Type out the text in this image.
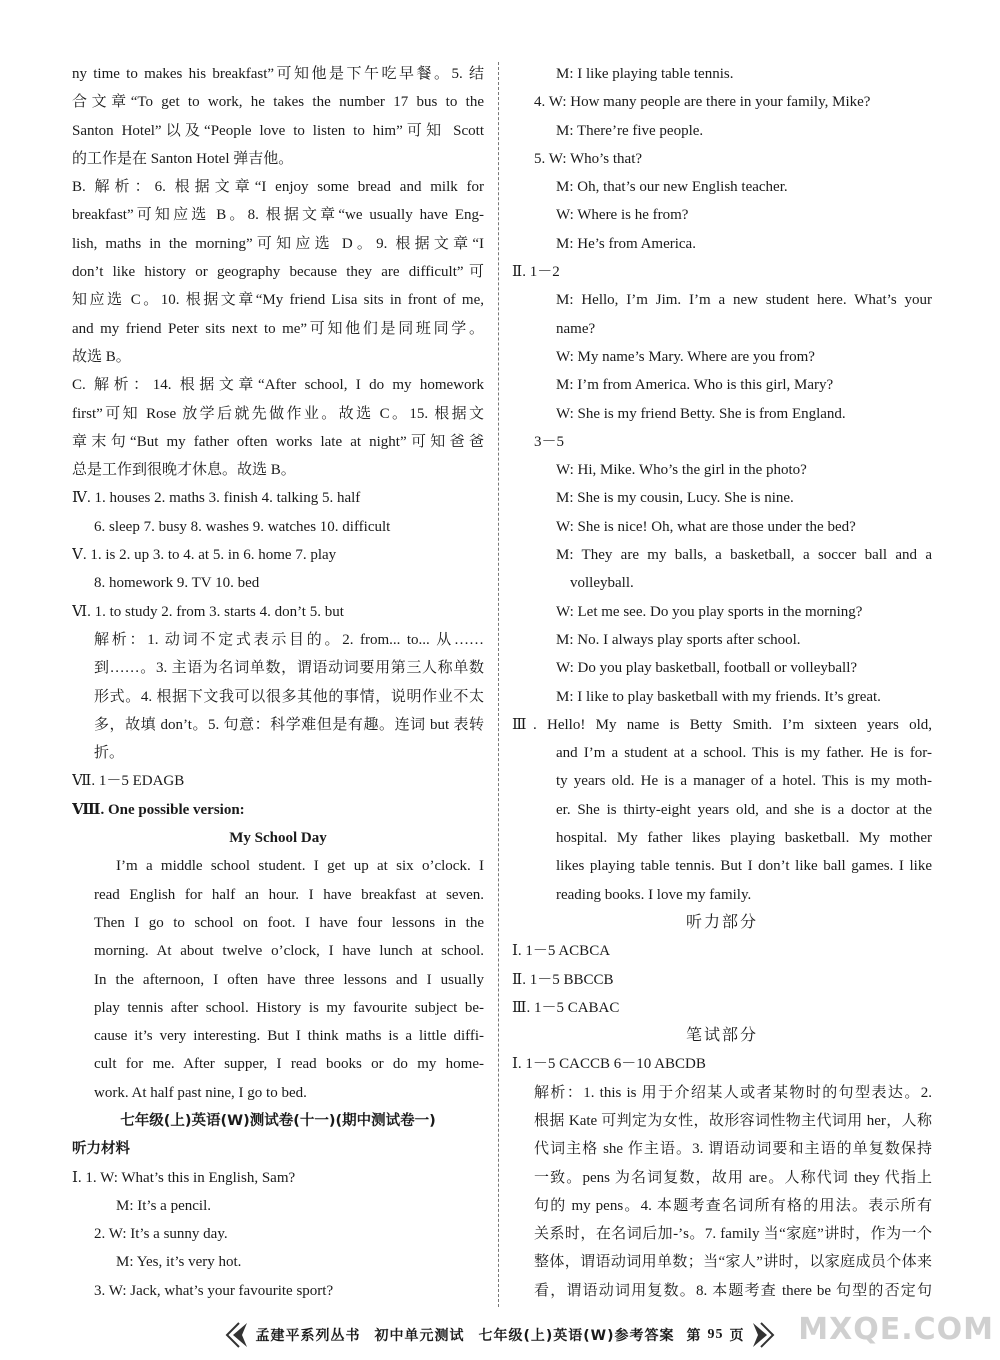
ny time to makes his breakfast”可知他是下午吃早餐。5. 结
合文章“To get to work, he takes the number 17 bus to the
Santon Hotel”以及“People love to listen to him”可知 Scott
的工作是在 Santon Hotel 弹吉他。
B. 解析：6. 根据文章“I enjoy some bread and milk for
breakfast”可知应选 B。8. 根据文章“we usually have Eng-
lish, maths in the morning”可知应选 D。9. 根据文章“I
don’t like history or geography because they are difficult”可
知应选 C。10. 根据文章“My friend Lisa sits in front of me,
and my friend Peter sits next to me”可知他们是同班同学。
故选 B。
C. 解析：14. 根据文章“After school, I do my homework
first”可知 Rose 放学后就先做作业。故选 C。15. 根据文
章末句“But my father often works late at night”可知爸爸
总是工作到很晚才休息。故选 B。
Ⅳ. 1. houses 2. maths 3. finish 4. talking 5. half
6. sleep 7. busy 8. washes 9. watches 10. difficult
Ⅴ. 1. is 2. up 3. to 4. at 5. in 6. home 7. play
8. homework 9. TV 10. bed
Ⅵ. 1. to study 2. from 3. starts 4. don’t 5. but
解析：1. 动词不定式表示目的。2. from... to... 从……
到……。3. 主语为名词单数，谓语动词要用第三人称单数
形式。4. 根据下文我可以很多其他的事情，说明作业不太
多，故填 don’t。5. 句意：科学难但是有趣。连词 but 表转
折。
Ⅶ. 1－5 EDAGB
Ⅷ. One possible version:
My School Day
I’m a middle school student. I get up at six o’clock. I
read English for half an hour. I have breakfast at seven.
Then I go to school on foot. I have four lessons in the
morning. At about twelve o’clock, I have lunch at school.
In the afternoon, I often have three lessons and I usually
play tennis after school. History is my favourite subject be-
cause it’s very interesting. But I think maths is a little diffi-
cult for me. After supper, I read books or do my home-
work. At half past nine, I go to bed.
七年级(上)英语(W)测试卷(十一)(期中测试卷一)
听力材料
Ⅰ. 1. W: What’s this in English, Sam?
M: It’s a pencil.
2. W: It’s a sunny day.
M: Yes, it’s very hot.
3. W: Jack, what’s your favourite sport?
M: I like playing table tennis.
4. W: How many people are there in your family, Mike?
M: There’re five people.
5. W: Who’s that?
M: Oh, that’s our new English teacher.
W: Where is he from?
M: He’s from America.
Ⅱ. 1－2
M: Hello, I’m Jim. I’m a new student here. What’s your
name?
W: My name’s Mary. Where are you from?
M: I’m from America. Who is this girl, Mary?
W: She is my friend Betty. She is from England.
3－5
W: Hi, Mike. Who’s the girl in the photo?
M: She is my cousin, Lucy. She is nine.
W: She is nice! Oh, what are those under the bed?
M: They are my balls, a basketball, a soccer ball and a
volleyball.
W: Let me see. Do you play sports in the morning?
M: No. I always play sports after school.
W: Do you play basketball, football or volleyball?
M: I like to play basketball with my friends. It’s great.
Ⅲ. Hello! My name is Betty Smith. I’m sixteen years old,
and I’m a student at a school. This is my father. He is for-
ty years old. He is a manager of a hotel. This is my moth-
er. She is thirty-eight years old, and she is a doctor at the
hospital. My father likes playing basketball. My mother
likes playing table tennis. But I don’t like ball games. I like
reading books. I love my family.
听力部分
Ⅰ. 1－5 ACBCA
Ⅱ. 1－5 BBCCB
Ⅲ. 1－5 CABAC
笔试部分
Ⅰ. 1－5 CACCB 6－10 ABCDB
解析：1. this is 用于介绍某人或者某物时的句型表达。2.
根据 Kate 可判定为女性，故形容词性物主代词用 her，人称
代词主格 she 作主语。3. 谓语动词要和主语的单复数保持
一致。pens 为名词复数，故用 are。人称代词 they 代指上
句的 my pens。4. 本题考查名词所有格的用法。表示所有
关系时，在名词后加-’s。7. family 当“家庭”讲时，作为一个
整体，谓语动词用单数；当“家人”讲时，以家庭成员个体来
看，谓语动词用复数。8. 本题考查 there be 句型的否定句
孟建平系列丛书 初中单元测试 七年级(上)英语(W)参考答案 第 95 页 MXQE.COM
